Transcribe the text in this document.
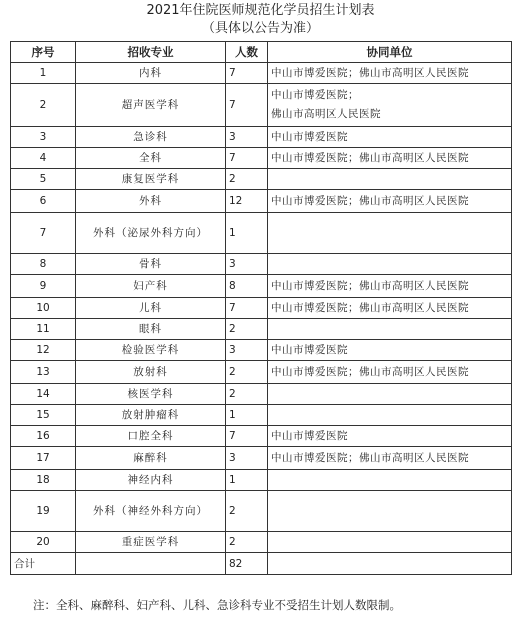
2021年住院医师规范化学员招生计划表
（具体以公告为准）
序号	招收专业	人数	协同单位
1	内科	7	中山市博爱医院；佛山市高明区人民医院

2	超声医学科	7	中山市博爱医院；
佛山市高明区人民医院

3	急诊科	3	中山市博爱医院

4	全科	7	中山市博爱医院；佛山市高明区人民医院

5	康复医学科	2	
6	外科	12	中山市博爱医院；佛山市高明区人民医院

7	外科（泌尿外科方向）	1	
8	骨科	3	
9	妇产科	8	中山市博爱医院；佛山市高明区人民医院

10	儿科	7	中山市博爱医院；佛山市高明区人民医院

11	眼科	2	
12	检验医学科	3	中山市博爱医院

13	放射科	2	中山市博爱医院；佛山市高明区人民医院

14	核医学科	2	
15	放射肿瘤科	1	
16	口腔全科	7	中山市博爱医院

17	麻醉科	3	中山市博爱医院；佛山市高明区人民医院

18	神经内科	1	
19	外科（神经外科方向）	2	
20	重症医学科	2	
合计		82	
注：全科、麻醉科、妇产科、儿科、急诊科专业不受招生计划人数限制。
